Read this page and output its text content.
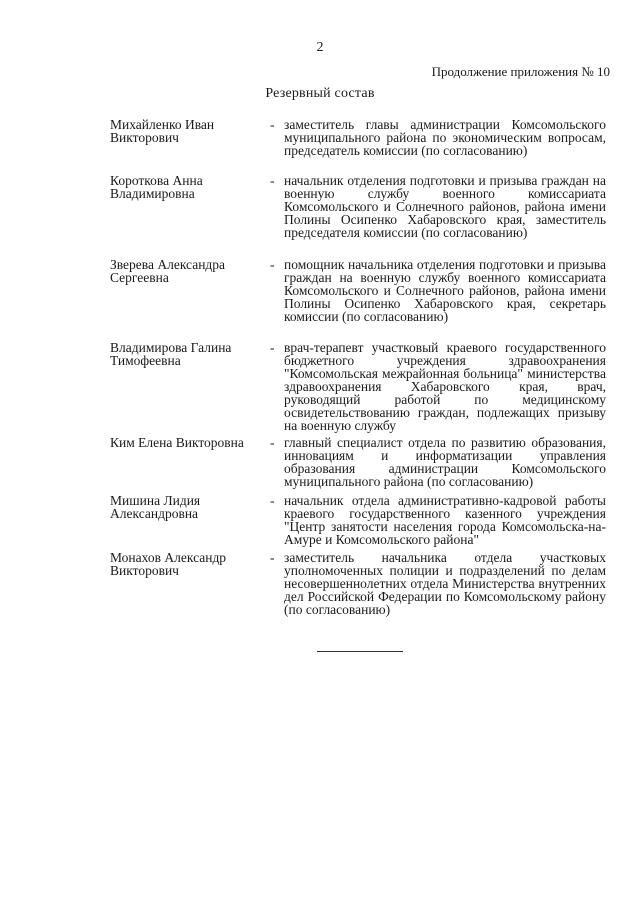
2
Продолжение приложения № 10
Резервный состав
Михайленко Иван Викторович
- заместитель главы администрации Комсомольского муниципального района по экономическим вопросам, председатель комиссии (по согласованию)
Короткова Анна Владимировна
- начальник отделения подготовки и призыва граждан на военную службу военного комиссариата Комсомольского и Солнечного районов, района имени Полины Осипенко Хабаровского края, заместитель председателя комиссии (по согласованию)
Зверева Александра Сергеевна
- помощник начальника отделения подготовки и призыва граждан на военную службу военного комиссариата Комсомольского и Солнечного районов, района имени Полины Осипенко Хабаровского края, секретарь комиссии (по согласованию)
Владимирова Галина Тимофеевна
- врач-терапевт участковый краевого государственного бюджетного учреждения здравоохранения "Комсомольская межрайонная больница" министерства здравоохранения Хабаровского края, врач, руководящий работой по медицинскому освидетельствованию граждан, подлежащих призыву на военную службу
Ким Елена Викторовна	- главный специалист отдела по развитию образования, инновациям и информатизации управления образования администрации Комсомольского муниципального района (по согласованию)
Мишина Лидия Александровна
- начальник отдела административно-кадровой работы краевого государственного казенного учреждения "Центр занятости населения города Комсомольска-на-Амуре и Комсомольского района"
Монахов Александр Викторович
- заместитель начальника отдела участковых уполномоченных полиции и подразделений по делам несовершеннолетних отдела Министерства внутренних дел Российской Федерации по Комсомольскому району (по согласованию)
